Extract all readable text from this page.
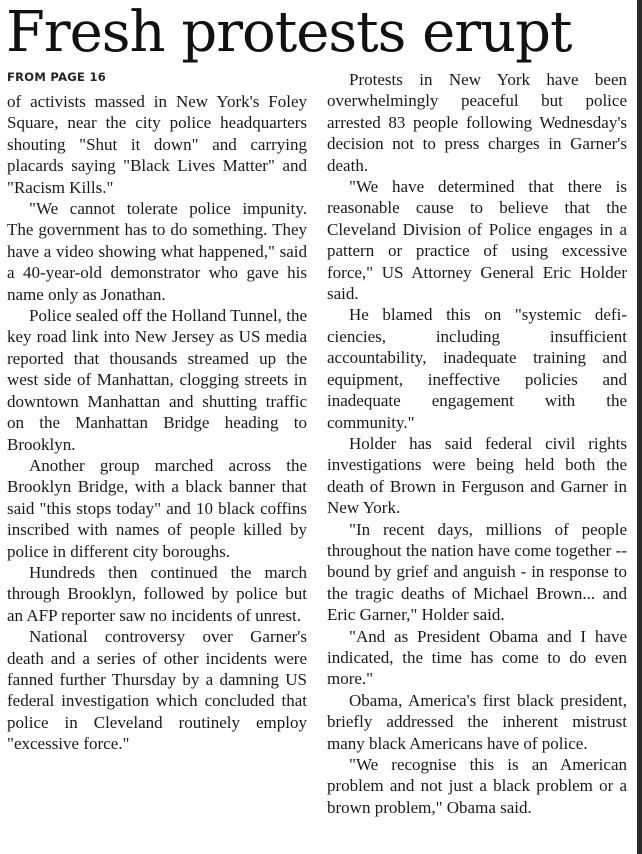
Fresh protests erupt
FROM PAGE 16

of activists massed in New York's Foley Square, near the city police headquarters shouting "Shut it down" and carrying placards saying "Black Lives Matter" and "Racism Kills."

"We cannot tolerate police impunity. The government has to do something. They have a video showing what happened," said a 40-year-old demonstrator who gave his name only as Jonathan.

Police sealed off the Holland Tunnel, the key road link into New Jersey as US media reported that thousands streamed up the west side of Manhattan, clogging streets in downtown Manhattan and shutting traffic on the Manhattan Bridge heading to Brooklyn.

Another group marched across the Brooklyn Bridge, with a black banner that said "this stops today" and 10 black coffins inscribed with names of people killed by police in different city boroughs.

Hundreds then continued the march through Brooklyn, followed by police but an AFP reporter saw no incidents of unrest.

National controversy over Garner's death and a series of other incidents were fanned further Thursday by a damning US federal investigation which concluded that police in Cleveland routinely employ "excessive force."

Protests in New York have been overwhelmingly peaceful but police arrested 83 people following Wednesday's decision not to press charges in Garner's death.

"We have determined that there is reasonable cause to believe that the Cleveland Division of Police engages in a pattern or practice of using excessive force," US Attorney General Eric Holder said.

He blamed this on "systemic deficiencies, including insufficient accountability, inadequate training and equipment, ineffective policies and inadequate engagement with the community."

Holder has said federal civil rights investigations were being held both the death of Brown in Ferguson and Garner in New York.

"In recent days, millions of people throughout the nation have come together -- bound by grief and anguish - in response to the tragic deaths of Michael Brown... and Eric Garner," Holder said.

"And as President Obama and I have indicated, the time has come to do even more."

Obama, America's first black president, briefly addressed the inherent mistrust many black Americans have of police.

"We recognise this is an American problem and not just a black problem or a brown problem," Obama said.
